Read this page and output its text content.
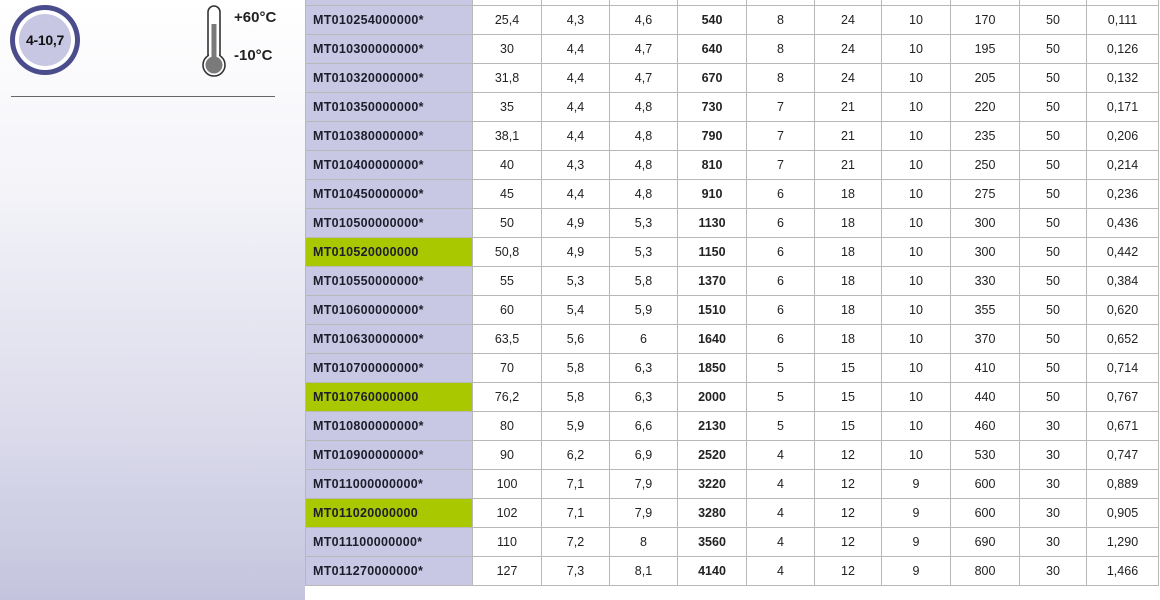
4-10,7
+60°C
-10°C

MT010254000000*	25,4	4,3	4,6	540	8	24	10	170	50	0,111
MT010300000000*	30	4,4	4,7	640	8	24	10	195	50	0,126
MT010320000000*	31,8	4,4	4,7	670	8	24	10	205	50	0,132
MT010350000000*	35	4,4	4,8	730	7	21	10	220	50	0,171
MT010380000000*	38,1	4,4	4,8	790	7	21	10	235	50	0,206
MT010400000000*	40	4,3	4,8	810	7	21	10	250	50	0,214
MT010450000000*	45	4,4	4,8	910	6	18	10	275	50	0,236
MT010500000000*	50	4,9	5,3	1130	6	18	10	300	50	0,436
MT010520000000	50,8	4,9	5,3	1150	6	18	10	300	50	0,442
MT010550000000*	55	5,3	5,8	1370	6	18	10	330	50	0,384
MT010600000000*	60	5,4	5,9	1510	6	18	10	355	50	0,620
MT010630000000*	63,5	5,6	6	1640	6	18	10	370	50	0,652
MT010700000000*	70	5,8	6,3	1850	5	15	10	410	50	0,714
MT010760000000	76,2	5,8	6,3	2000	5	15	10	440	50	0,767
MT010800000000*	80	5,9	6,6	2130	5	15	10	460	30	0,671
MT010900000000*	90	6,2	6,9	2520	4	12	10	530	30	0,747
MT011000000000*	100	7,1	7,9	3220	4	12	9	600	30	0,889
MT011020000000	102	7,1	7,9	3280	4	12	9	600	30	0,905
MT011100000000*	110	7,2	8	3560	4	12	9	690	30	1,290
MT011270000000*	127	7,3	8,1	4140	4	12	9	800	30	1,466
